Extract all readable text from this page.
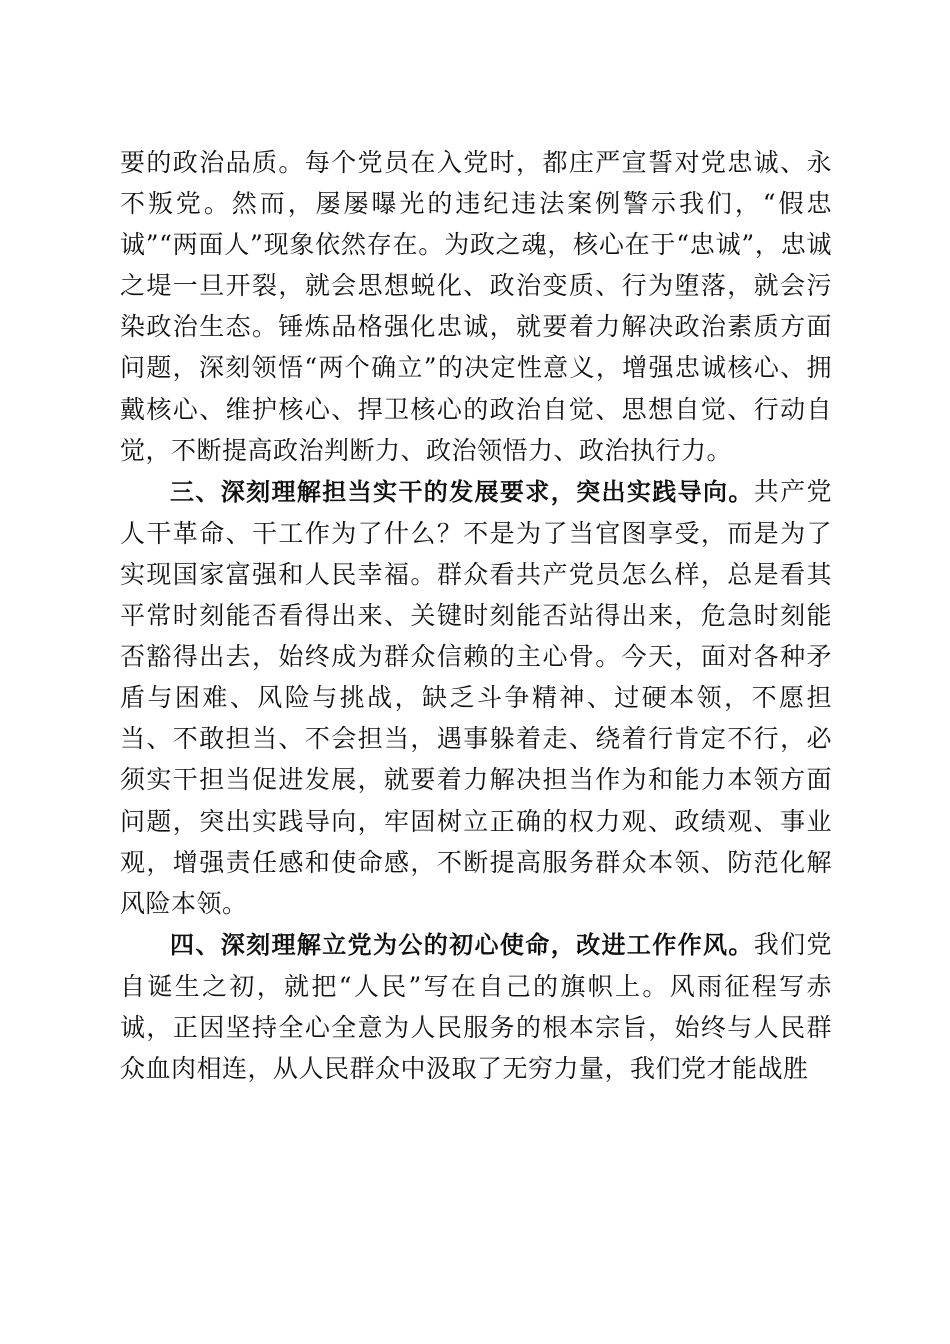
要的政治品质。每个党员在入党时，都庄严宣誓对党忠诚、永不叛党。然而，屡屡曝光的违纪违法案例警示我们，“假忠诚”“两面人”现象依然存在。为政之魂，核心在于“忠诚”，忠诚之堤一旦开裂，就会思想蜕化、政治变质、行为堕落，就会污染政治生态。锤炼品格强化忠诚，就要着力解决政治素质方面问题，深刻领悟“两个确立”的决定性意义，增强忠诚核心、拥戴核心、维护核心、捍卫核心的政治自觉、思想自觉、行动自觉，不断提高政治判断力、政治领悟力、政治执行力。

三、深刻理解担当实干的发展要求，突出实践导向。共产党人干革命、干工作为了什么？不是为了当官图享受，而是为了实现国家富强和人民幸福。群众看共产党员怎么样，总是看其平常时刻能否看得出来、关键时刻能否站得出来，危急时刻能否豁得出去，始终成为群众信赖的主心骨。今天，面对各种矛盾与困难、风险与挑战，缺乏斗争精神、过硬本领，不愿担当、不敢担当、不会担当，遇事躲着走、绕着行肯定不行，必须实干担当促进发展，就要着力解决担当作为和能力本领方面问题，突出实践导向，牢固树立正确的权力观、政绩观、事业观，增强责任感和使命感，不断提高服务群众本领、防范化解风险本领。

四、深刻理解立党为公的初心使命，改进工作作风。我们党自诞生之初，就把“人民”写在自己的旗帜上。风雨征程写赤诚，正因坚持全心全意为人民服务的根本宗旨，始终与人民群众血肉相连，从人民群众中汲取了无穷力量，我们党才能战胜
